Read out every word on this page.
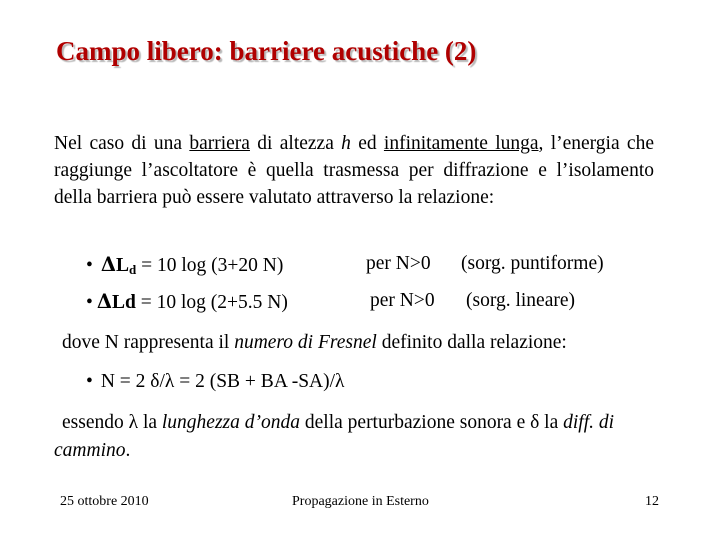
Campo libero: barriere acustiche (2)
Nel caso di una barriera di altezza h ed infinitamente lunga, l’energia che raggiunge l’ascoltatore è quella trasmessa per diffrazione e l’isolamento della barriera può essere valutato attraverso la relazione:
• ΔLd = 10 log (3+20 N)	per N>0 (sorg. puntiforme)
• ΔLd = 10 log (2+5.5 N)	per N>0 (sorg. lineare)
dove N rappresenta il numero di Fresnel definito dalla relazione:
• N = 2 δ/λ = 2 (SB + BA -SA)/λ
essendo λ la lunghezza d’onda della perturbazione sonora e δ la diff. di cammino.
25 ottobre 2010	Propagazione in Esterno	12
